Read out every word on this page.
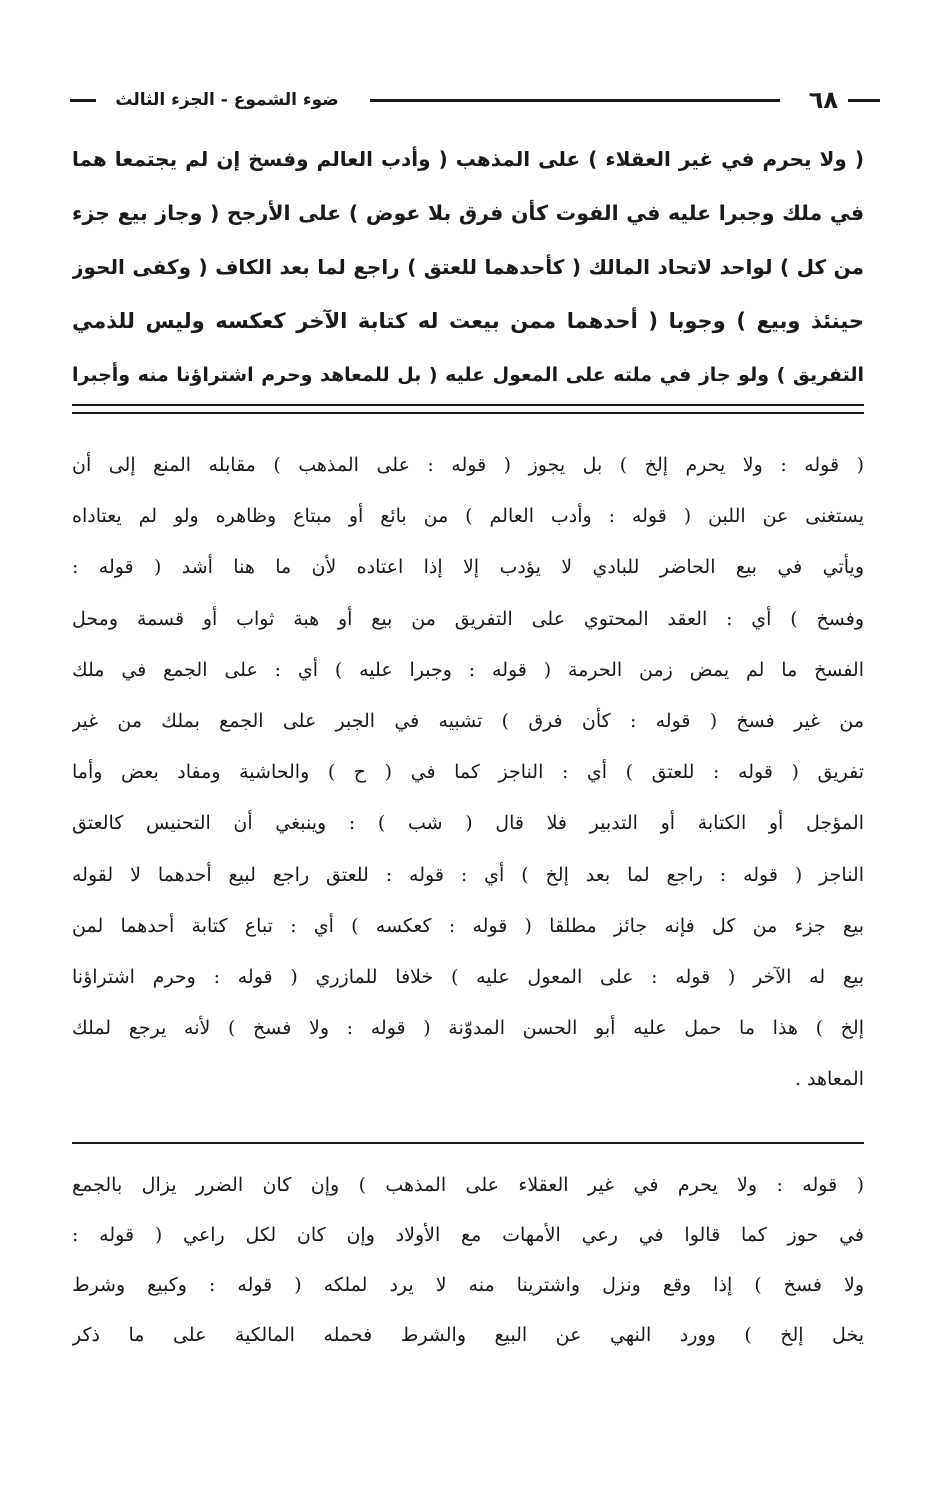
٦٨
ضوء الشموع - الجزء الثالث
( ولا يحرم في غير العقلاء ) على المذهب ( وأدب العالم وفسخ إن لم يجتمعا هما
في ملك وجبرا عليه في الفوت كأن فرق بلا عوض ) على الأرجح ( وجاز بيع جزء
من كل ) لواحد لاتحاد المالك ( كأحدهما للعتق ) راجع لما بعد الكاف ( وكفى الحوز
حينئذ وبيع ) وجوبا ( أحدهما ممن بيعت له كتابة الآخر كعكسه وليس للذمي
التفريق ) ولو جاز في ملته على المعول عليه ( بل للمعاهد وحرم اشتراؤنا منه وأجبرا
( قوله : ولا يحرم إلخ ) بل يجوز ( قوله : على المذهب ) مقابله المنع إلى أن
يستغنى عن اللبن ( قوله : وأدب العالم ) من بائع أو مبتاع وظاهره ولو لم يعتاداه
ويأتي في بيع الحاضر للبادي لا يؤدب إلا إذا اعتاده لأن ما هنا أشد ( قوله :
وفسخ ) أي : العقد المحتوي على التفريق من بيع أو هبة ثواب أو قسمة ومحل
الفسخ ما لم يمض زمن الحرمة ( قوله : وجبرا عليه ) أي : على الجمع في ملك
من غير فسخ ( قوله : كأن فرق ) تشبيه في الجبر على الجمع بملك من غير
تفريق ( قوله : للعتق ) أي : الناجز كما في ( ح ) والحاشية ومفاد بعض وأما
المؤجل أو الكتابة أو التدبير فلا قال ( شب ) : وينبغي أن التحنيس كالعتق
الناجز ( قوله : راجع لما بعد إلخ ) أي : قوله : للعتق راجع لبيع أحدهما لا لقوله
بيع جزء من كل فإنه جائز مطلقا ( قوله : كعكسه ) أي : تباع كتابة أحدهما لمن
بيع له الآخر ( قوله : على المعول عليه ) خلافا للمازري ( قوله : وحرم اشتراؤنا
إلخ ) هذا ما حمل عليه أبو الحسن المدوّنة ( قوله : ولا فسخ ) لأنه يرجع لملك
المعاهد .
( قوله : ولا يحرم في غير العقلاء على المذهب ) وإن كان الضرر يزال بالجمع
في حوز كما قالوا في رعي الأمهات مع الأولاد وإن كان لكل راعي ( قوله :
ولا فسخ ) إذا وقع ونزل واشترينا منه لا يرد لملكه ( قوله : وكبيع وشرط
يخل إلخ ) وورد النهي عن البيع والشرط فحمله المالكية على ما ذكر
